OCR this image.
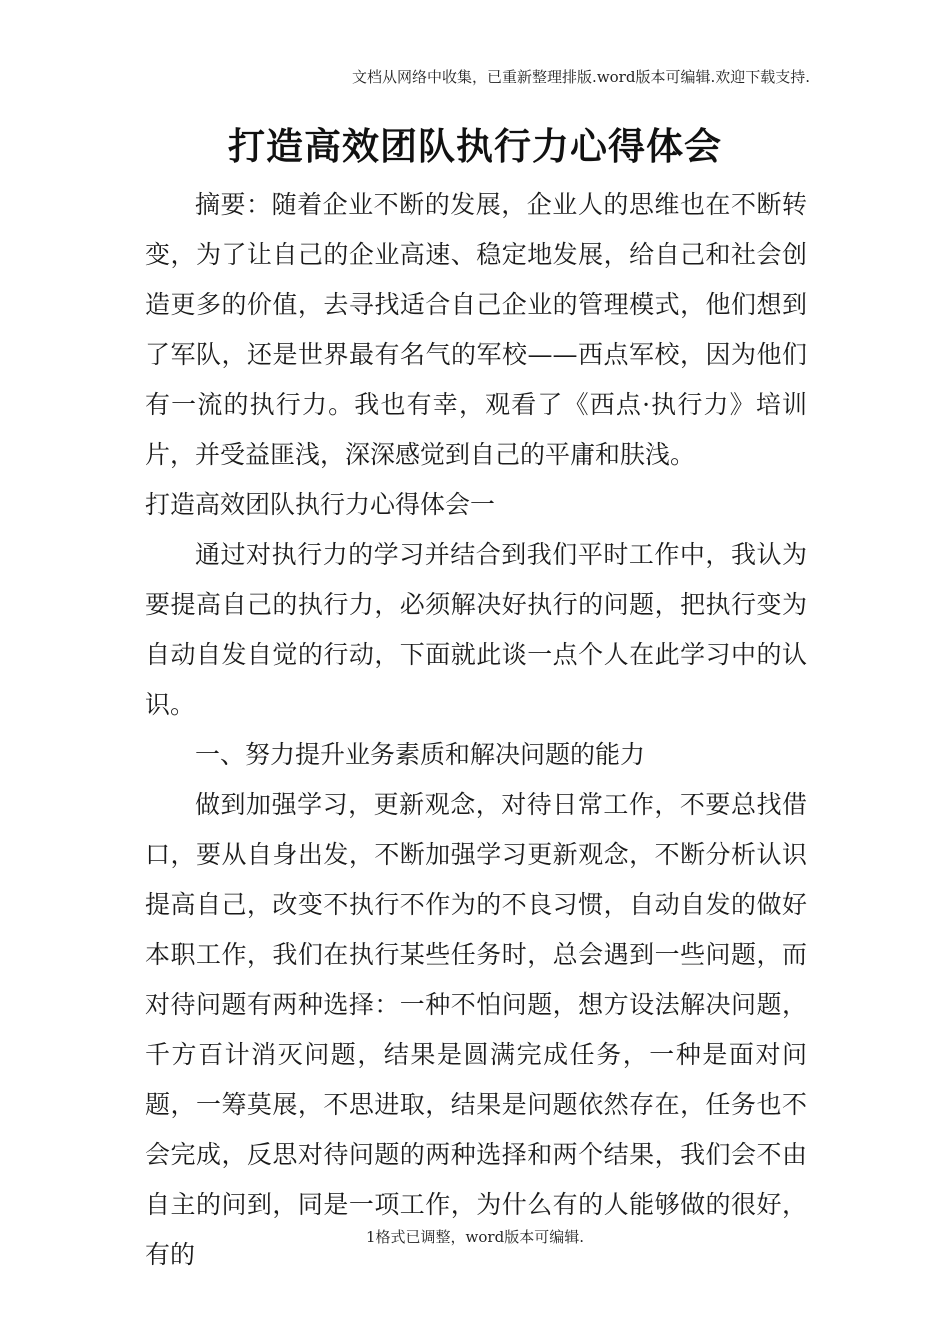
文档从网络中收集，已重新整理排版.word版本可编辑.欢迎下载支持.
打造高效团队执行力心得体会

摘要：随着企业不断的发展，企业人的思维也在不断转变，为了让自己的企业高速、稳定地发展，给自己和社会创造更多的价值，去寻找适合自己企业的管理模式，他们想到了军队，还是世界最有名气的军校——西点军校，因为他们有一流的执行力。我也有幸，观看了《西点·执行力》培训片，并受益匪浅，深深感觉到自己的平庸和肤浅。

打造高效团队执行力心得体会一

通过对执行力的学习并结合到我们平时工作中，我认为要提高自己的执行力，必须解决好执行的问题，把执行变为自动自发自觉的行动，下面就此谈一点个人在此学习中的认识。

一、努力提升业务素质和解决问题的能力

做到加强学习，更新观念，对待日常工作，不要总找借口，要从自身出发，不断加强学习更新观念，不断分析认识提高自己，改变不执行不作为的不良习惯，自动自发的做好本职工作，我们在执行某些任务时，总会遇到一些问题，而对待问题有两种选择：一种不怕问题，想方设法解决问题，千方百计消灭问题，结果是圆满完成任务，一种是面对问题，一筹莫展，不思进取，结果是问题依然存在，任务也不会完成，反思对待问题的两种选择和两个结果，我们会不由自主的问到，同是一项工作，为什么有的人能够做的很好，有的

1格式已调整，word版本可编辑.
